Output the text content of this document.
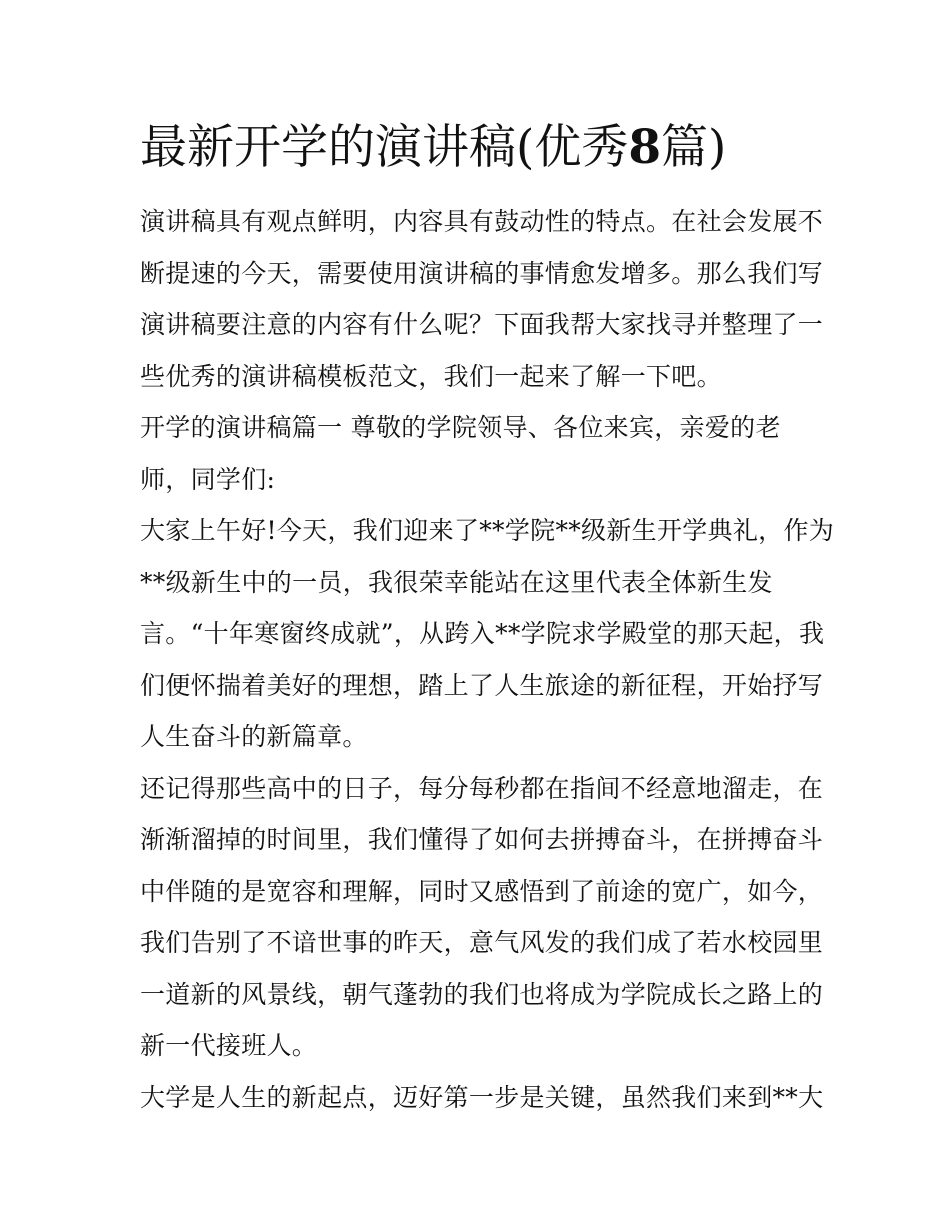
最新开学的演讲稿(优秀8篇)
演讲稿具有观点鲜明，内容具有鼓动性的特点。在社会发展不
断提速的今天，需要使用演讲稿的事情愈发增多。那么我们写
演讲稿要注意的内容有什么呢？下面我帮大家找寻并整理了一
些优秀的演讲稿模板范文，我们一起来了解一下吧。
开学的演讲稿篇一 尊敬的学院领导、各位来宾，亲爱的老
师，同学们:
大家上午好!今天，我们迎来了**学院**级新生开学典礼，作为
**级新生中的一员，我很荣幸能站在这里代表全体新生发
言。“十年寒窗终成就”，从跨入**学院求学殿堂的那天起，我
们便怀揣着美好的理想，踏上了人生旅途的新征程，开始抒写
人生奋斗的新篇章。
还记得那些高中的日子，每分每秒都在指间不经意地溜走，在
渐渐溜掉的时间里，我们懂得了如何去拼搏奋斗，在拼搏奋斗
中伴随的是宽容和理解，同时又感悟到了前途的宽广，如今，
我们告别了不谙世事的昨天，意气风发的我们成了若水校园里
一道新的风景线，朝气蓬勃的我们也将成为学院成长之路上的
新一代接班人。
大学是人生的新起点，迈好第一步是关键，虽然我们来到**大
